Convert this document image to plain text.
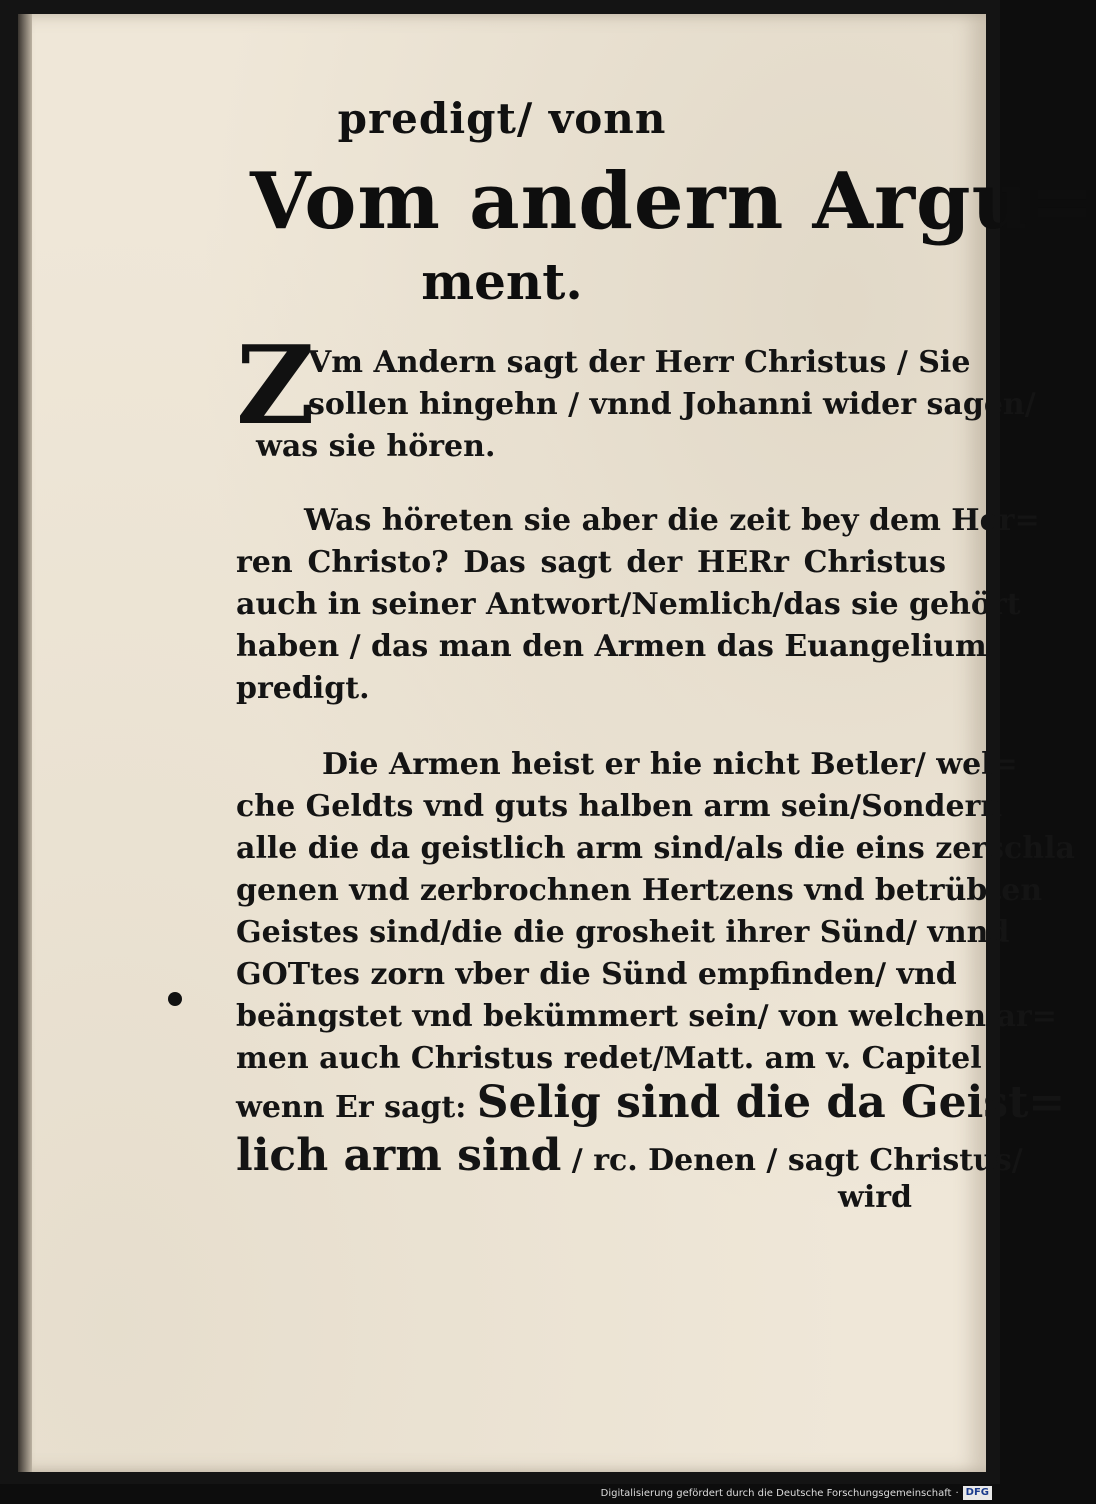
predigt/ vonn
Vom andern Argu=
ment.
Z
Vm Andern sagt der Herr Christus / Sie
sollen hingehn / vnnd Johanni wider sagen/
was sie hören.
Was höreten sie aber die zeit bey dem Her=
ren Christo? Das sagt der HERr Christus
auch in seiner Antwort/Nemlich/das sie gehört
haben / das man den Armen das Euangelium
predigt.
Die Armen heist er hie nicht Betler/ wel=
che Geldts vnd guts halben arm sein/Sondern
alle die da geistlich arm sind/als die eins zerschla
genen vnd zerbrochnen Hertzens vnd betrübten
Geistes sind/die die grosheit ihrer Sünd/ vnnd
GOTtes zorn vber die Sünd empfinden/ vnd
beängstet vnd bekümmert sein/ von welchen ar=
men auch Christus redet/Matt. am v. Capitel
wenn Er sagt: Selig sind die da Geist=
lich arm sind / rc. Denen / sagt Christus/
wird
Digitalisierung gefördert durch die Deutsche Forschungsgemeinschaft · DFG
